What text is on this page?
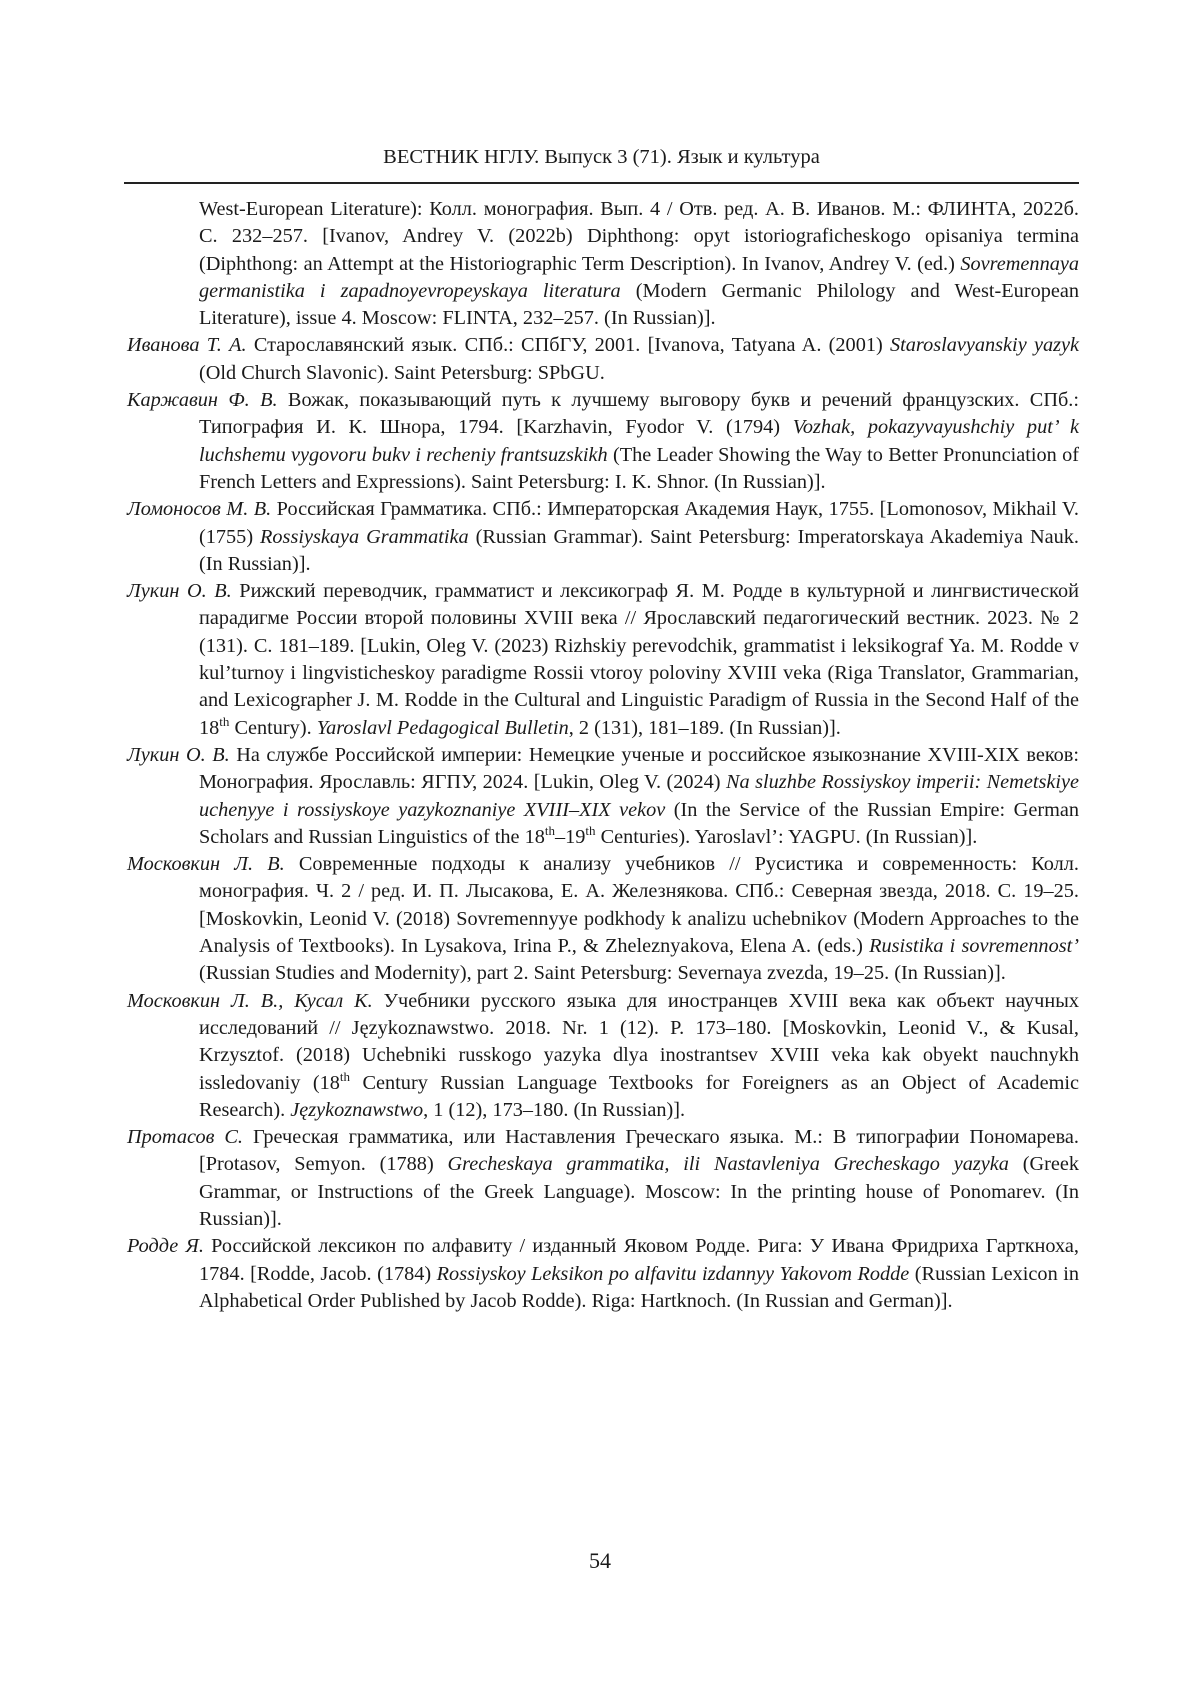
ВЕСТНИК НГЛУ. Выпуск 3 (71). Язык и культура
West-European Literature): Колл. монография. Вып. 4 / Отв. ред. А. В. Иванов. М.: ФЛИНТА, 2022б. С. 232–257. [Ivanov, Andrey V. (2022b) Diphthong: opyt istoriograficheskogo opisaniya termina (Diphthong: an Attempt at the Historiographic Term Description). In Ivanov, Andrey V. (ed.) Sovremennaya germanistika i zapadnoyevropeyskaya literatura (Modern Germanic Philology and West-European Literature), issue 4. Moscow: FLINTA, 232–257. (In Russian)].
Иванова Т. А. Старославянский язык. СПб.: СПбГУ, 2001. [Ivanova, Tatyana A. (2001) Staroslavyanskiy yazyk (Old Church Slavonic). Saint Petersburg: SPbGU.
Каржавин Ф. В. Вожак, показывающий путь к лучшему выговору букв и речений французских. СПб.: Типография И. К. Шнора, 1794. [Karzhavin, Fyodor V. (1794) Vozhak, pokazyvayushchiy put’ k luchshemu vygovoru bukv i recheniy frantsuzskikh (The Leader Showing the Way to Better Pronunciation of French Letters and Expressions). Saint Petersburg: I. K. Shnor. (In Russian)].
Ломоносов М. В. Российская Грамматика. СПб.: Императорская Академия Наук, 1755. [Lomonosov, Mikhail V. (1755) Rossiyskaya Grammatika (Russian Grammar). Saint Petersburg: Imperatorskaya Akademiya Nauk. (In Russian)].
Лукин О. В. Рижский переводчик, грамматист и лексикограф Я. М. Родде в культурной и лингвистической парадигме России второй половины XVIII века // Ярославский педагогический вестник. 2023. № 2 (131). С. 181–189. [Lukin, Oleg V. (2023) Rizhskiy perevodchik, grammatist i leksikograf Ya. M. Rodde v kul’turnoy i lingvisticheskoy paradigme Rossii vtoroy poloviny XVIII veka (Riga Translator, Grammarian, and Lexicographer J. M. Rodde in the Cultural and Linguistic Paradigm of Russia in the Second Half of the 18th Century). Yaroslavl Pedagogical Bulletin, 2 (131), 181–189. (In Russian)].
Лукин О. В. На службе Российской империи: Немецкие ученые и российское языкознание XVIII-XIX веков: Монография. Ярославль: ЯГПУ, 2024. [Lukin, Oleg V. (2024) Na sluzhbe Rossiyskoy imperii: Nemetskiye uchenyye i rossiyskoye yazykoznaniye XVIII–XIX vekov (In the Service of the Russian Empire: German Scholars and Russian Linguistics of the 18th–19th Centuries). Yaroslavl’: YAGPU. (In Russian)].
Московкин Л. В. Современные подходы к анализу учебников // Русистика и современность: Колл. монография. Ч. 2 / ред. И. П. Лысакова, Е. А. Железнякова. СПб.: Северная звезда, 2018. С. 19–25. [Moskovkin, Leonid V. (2018) Sovremennyye podkhody k analizu uchebnikov (Modern Approaches to the Analysis of Textbooks). In Lysakova, Irina P., & Zheleznyakova, Elena A. (eds.) Rusistika i sovremennost’ (Russian Studies and Modernity), part 2. Saint Petersburg: Severnaya zvezda, 19–25. (In Russian)].
Московкин Л. В., Кусал К. Учебники русского языка для иностранцев XVIII века как объект научных исследований // Językoznawstwo. 2018. Nr. 1 (12). P. 173–180. [Moskovkin, Leonid V., & Kusal, Krzysztof. (2018) Uchebniki russkogo yazyka dlya inostrantsev XVIII veka kak obyekt nauchnykh issledovaniy (18th Century Russian Language Textbooks for Foreigners as an Object of Academic Research). Językoznawstwo, 1 (12), 173–180. (In Russian)].
Протасов С. Греческая грамматика, или Наставления Греческаго языка. М.: В типографии Пономарева. [Protasov, Semyon. (1788) Grecheskaya grammatika, ili Nastavleniya Grecheskago yazyka (Greek Grammar, or Instructions of the Greek Language). Moscow: In the printing house of Ponomarev. (In Russian)].
Родде Я. Российской лексикон по алфавиту / изданный Яковом Родде. Рига: У Ивана Фридриха Гарткноха, 1784. [Rodde, Jacob. (1784) Rossiyskoy Leksikon po alfavitu izdannyy Yakovom Rodde (Russian Lexicon in Alphabetical Order Published by Jacob Rodde). Riga: Hartknoch. (In Russian and German)].
54
